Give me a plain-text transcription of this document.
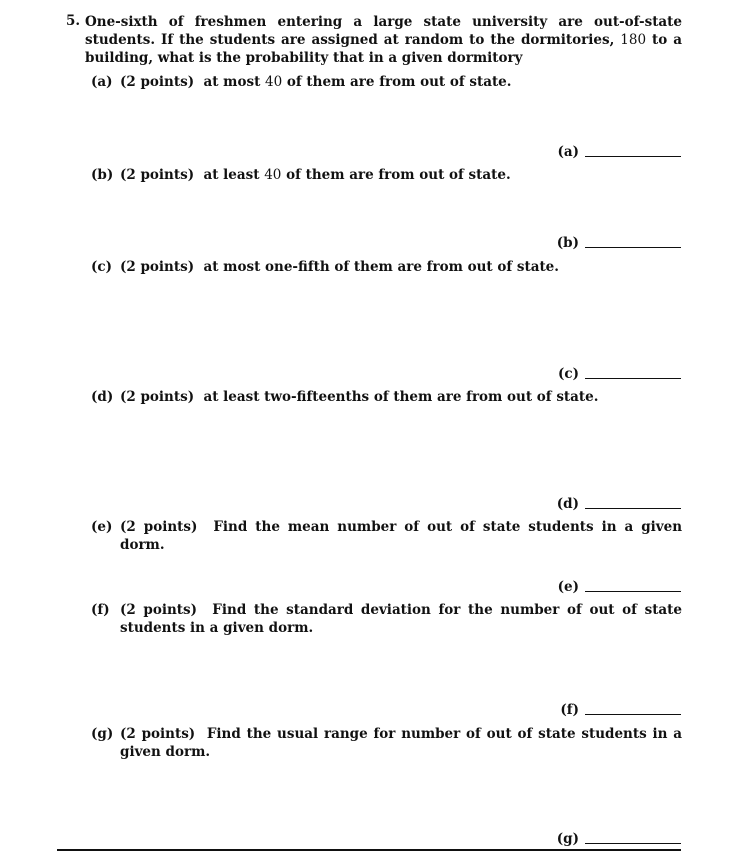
5. One-sixth of freshmen entering a large state university are out-of-state students. If the students are assigned at random to the dormitories, 180 to a building, what is the probability that in a given dormitory
(a) (2 points) at most 40 of them are from out of state.
(a)
(b) (2 points) at least 40 of them are from out of state.
(b)
(c) (2 points) at most one-fifth of them are from out of state.
(c)
(d) (2 points) at least two-fifteenths of them are from out of state.
(d)
(e) (2 points) Find the mean number of out of state students in a given dorm.
(e)
(f) (2 points) Find the standard deviation for the number of out of state students in a given dorm.
(f)
(g) (2 points) Find the usual range for number of out of state students in a given dorm.
(g)
